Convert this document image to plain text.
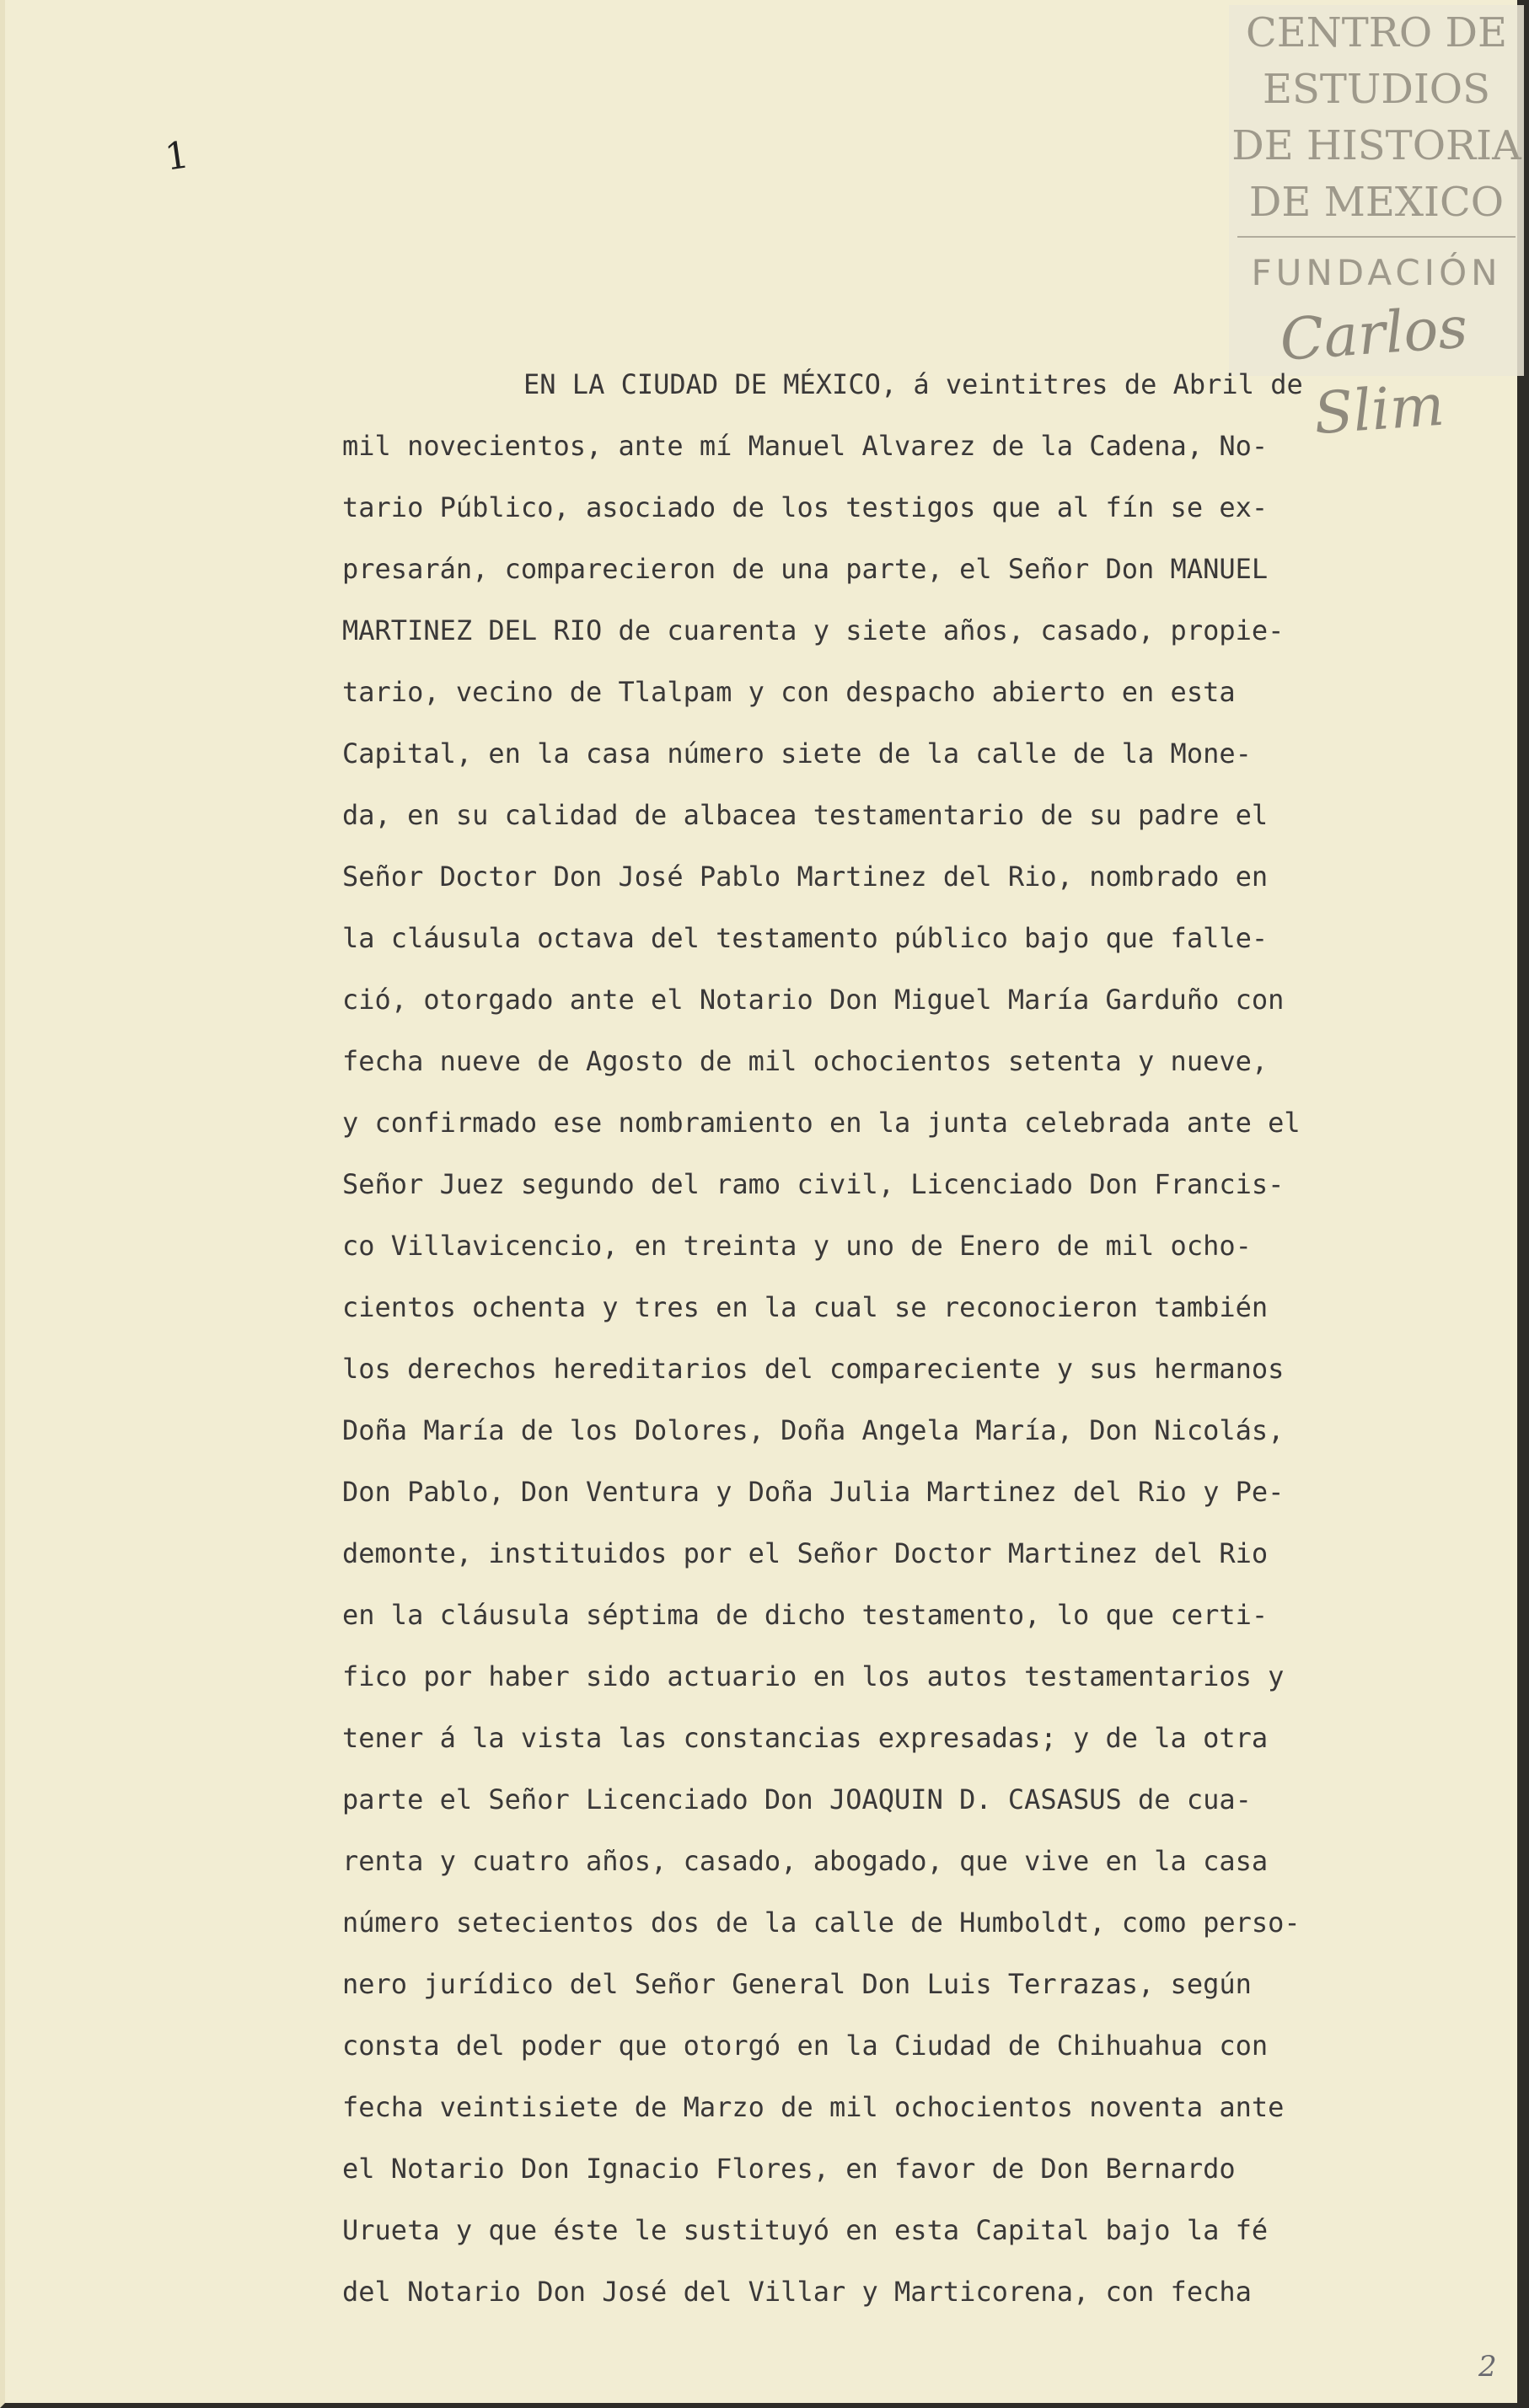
1
CENTRO DE
ESTUDIOS
DE HISTORIA
DE MEXICO
FUNDACIÓN
Carlos Slim
EN LA CIUDAD DE MÉXICO, á veintitres de Abril de
mil novecientos, ante mí Manuel Alvarez de la Cadena, No-
tario Público, asociado de los testigos que al fín se ex-
presarán, comparecieron de una parte, el Señor Don MANUEL
MARTINEZ DEL RIO de cuarenta y siete años, casado, propie-
tario, vecino de Tlalpam y con despacho abierto en esta
Capital, en la casa número siete de la calle de la Mone-
da, en su calidad de albacea testamentario de su padre el
Señor Doctor Don José Pablo Martinez del Rio, nombrado en
la cláusula octava del testamento público bajo que falle-
ció, otorgado ante el Notario Don Miguel María Garduño con
fecha nueve de Agosto de mil ochocientos setenta y nueve,
y confirmado ese nombramiento en la junta celebrada ante el
Señor Juez segundo del ramo civil, Licenciado Don Francis-
co Villavicencio, en treinta y uno de Enero de mil ocho-
cientos ochenta y tres en la cual se reconocieron también
los derechos hereditarios del compareciente y sus hermanos
Doña María de los Dolores, Doña Angela María, Don Nicolás,
Don Pablo, Don Ventura y Doña Julia Martinez del Rio y Pe-
demonte, instituidos por el Señor Doctor Martinez del Rio
en la cláusula séptima de dicho testamento, lo que certi-
fico por haber sido actuario en los autos testamentarios y
tener á la vista las constancias expresadas; y de la otra
parte el Señor Licenciado Don JOAQUIN D. CASASUS de cua-
renta y cuatro años, casado, abogado, que vive en la casa
número setecientos dos de la calle de Humboldt, como perso-
nero jurídico del Señor General Don Luis Terrazas, según
consta del poder que otorgó en la Ciudad de Chihuahua con
fecha veintisiete de Marzo de mil ochocientos noventa ante
el Notario Don Ignacio Flores, en favor de Don Bernardo
Urueta y que éste le sustituyó en esta Capital bajo la fé
del Notario Don José del Villar y Marticorena, con fecha
2
